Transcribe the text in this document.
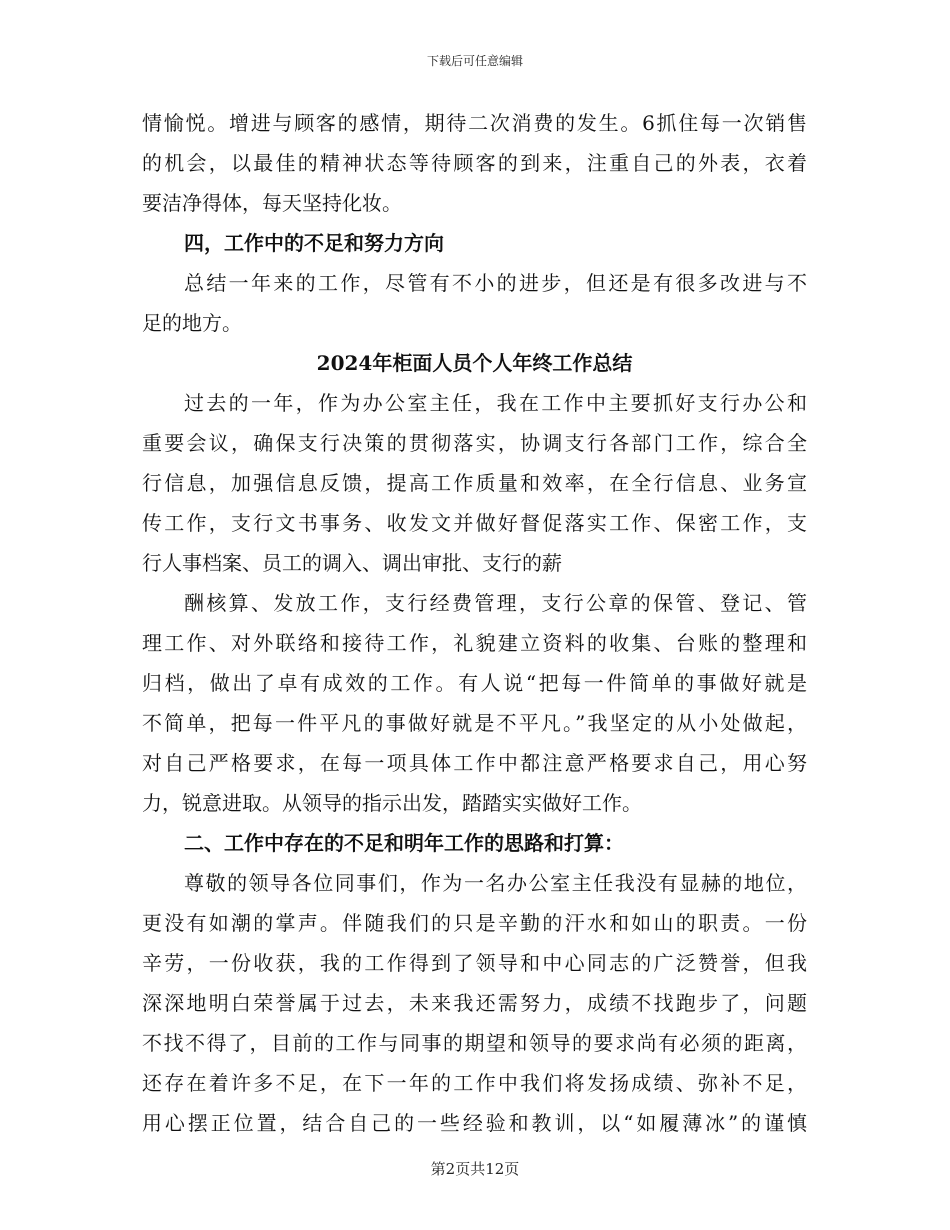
下载后可任意编辑
情愉悦。增进与顾客的感情，期待二次消费的发生。6抓住每一次销售
的机会，以最佳的精神状态等待顾客的到来，注重自己的外表，衣着
要洁净得体，每天坚持化妆。
四，工作中的不足和努力方向
总结一年来的工作，尽管有不小的进步，但还是有很多改进与不
足的地方。
2024年柜面人员个人年终工作总结
过去的一年，作为办公室主任，我在工作中主要抓好支行办公和
重要会议，确保支行决策的贯彻落实，协调支行各部门工作，综合全
行信息，加强信息反馈，提高工作质量和效率，在全行信息、业务宣
传工作，支行文书事务、收发文并做好督促落实工作、保密工作，支
行人事档案、员工的调入、调出审批、支行的薪
酬核算、发放工作，支行经费管理，支行公章的保管、登记、管
理工作、对外联络和接待工作，礼貌建立资料的收集、台账的整理和
归档，做出了卓有成效的工作。有人说“把每一件简单的事做好就是
不简单，把每一件平凡的事做好就是不平凡。”我坚定的从小处做起，
对自己严格要求，在每一项具体工作中都注意严格要求自己，用心努
力，锐意进取。从领导的指示出发，踏踏实实做好工作。
二、工作中存在的不足和明年工作的思路和打算：
尊敬的领导各位同事们，作为一名办公室主任我没有显赫的地位，
更没有如潮的掌声。伴随我们的只是辛勤的汗水和如山的职责。一份
辛劳，一份收获，我的工作得到了领导和中心同志的广泛赞誉，但我
深深地明白荣誉属于过去，未来我还需努力，成绩不找跑步了，问题
不找不得了，目前的工作与同事的期望和领导的要求尚有必须的距离，
还存在着许多不足，在下一年的工作中我们将发扬成绩、弥补不足，
用心摆正位置，结合自己的一些经验和教训，以“如履薄冰”的谨慎
第2页共12页
